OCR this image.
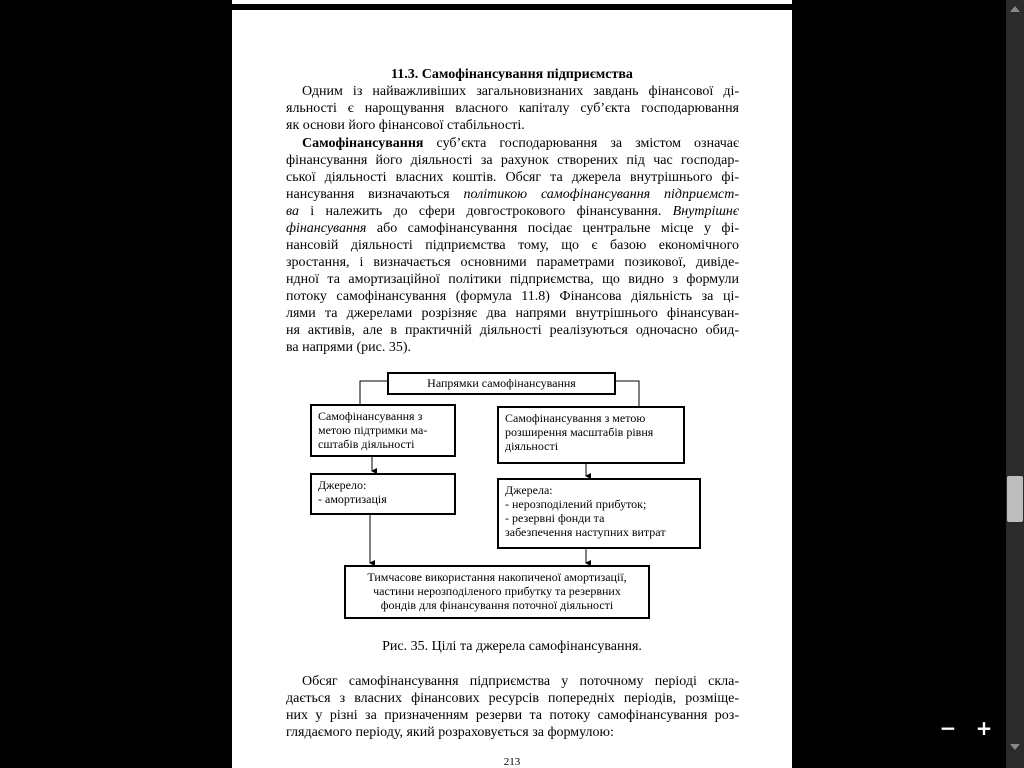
11.3. Самофінансування підприємства
Одним із найважливіших загальновизнаних завдань фінансової ді-
яльності є нарощування власного капіталу суб’єкта господарювання
як основи його фінансової стабільності.
Самофінансування суб’єкта господарювання за змістом означає
фінансування його діяльності за рахунок створених під час господар-
ської діяльності власних коштів. Обсяг та джерела внутрішнього фі-
нансування визначаються політикою самофінансування підприємст-
ва і належить до сфери довгострокового фінансування. Внутрішнє
фінансування або самофінансування посідає центральне місце у фі-
нансовій діяльності підприємства тому, що є базою економічного
зростання, і визначається основними параметрами позикової, дивіде-
ндної та амортизаційної політики підприємства, що видно з формули
потоку самофінансування (формула 11.8) Фінансова діяльність за ці-
лями та джерелами розрізняє два напрями внутрішнього фінансуван-
ня активів, але в практичній діяльності реалізуються одночасно обид-
ва напрями (рис. 35).
Напрямки самофінансування
Самофінансування з
метою підтримки ма-
сштабів діяльності
Самофінансування з метою
розширення масштабів рівня
діяльності
Джерело:
- амортизація
Джерела:
- нерозподілений прибуток;
- резервні фонди та
забезпечення наступних витрат
Тимчасове використання накопиченої амортизації,
частини нерозподіленого прибутку та резервних
фондів для фінансування поточної діяльності
Рис. 35. Цілі та джерела самофінансування.
Обсяг самофінансування підприємства у поточному періоді скла-
дається з власних фінансових ресурсів попередніх періодів, розміще-
них у різні за призначенням резерви та потоку самофінансування роз-
глядаємого періоду, який розраховується за формулою:
213
− +
